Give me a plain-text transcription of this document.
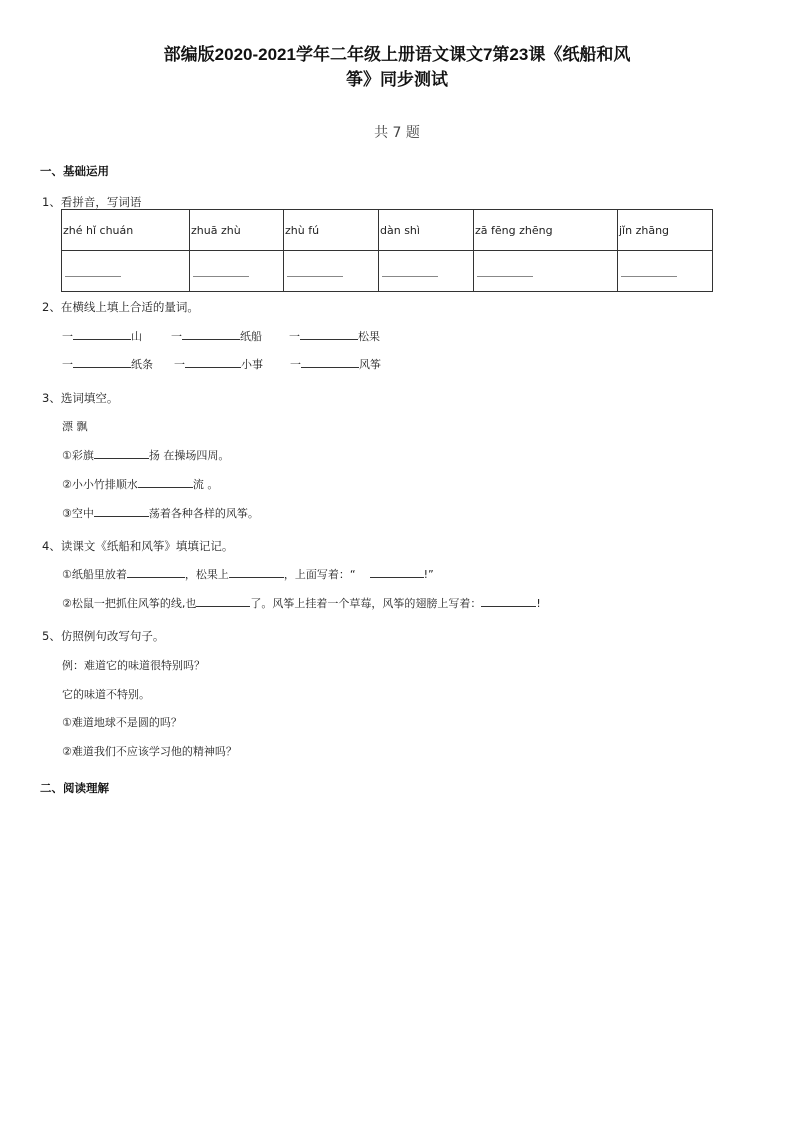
部编版2020-2021学年二年级上册语文课文7第23课《纸船和风
筝》同步测试
共 7 题
一、基础运用
1、看拼音，写词语
zhé hǐ chuán	zhuā zhù	zhù fú	dàn shì	zā fēng zhēng	jǐn zhāng

2、在横线上填上合适的量词。
一	山	一	纸船 一	松果
一	纸条 一	小事 一	风筝
3、选词填空。
漂 飘
①彩旗	扬 在操场四周。
②小小竹排顺水	流 。
③空中	荡着各种各样的风筝。
4、读课文《纸船和风筝》填填记记。
①纸船里放着	，松果上	，上面写着：“	!”
②松鼠一把抓住风筝的线,也	了。风筝上挂着一个草莓，风筝的翅膀上写着：	!
5、仿照例句改写句子。
例：难道它的味道很特别吗？
它的味道不特别。
①难道地球不是圆的吗？
②难道我们不应该学习他的精神吗？
二、阅读理解
